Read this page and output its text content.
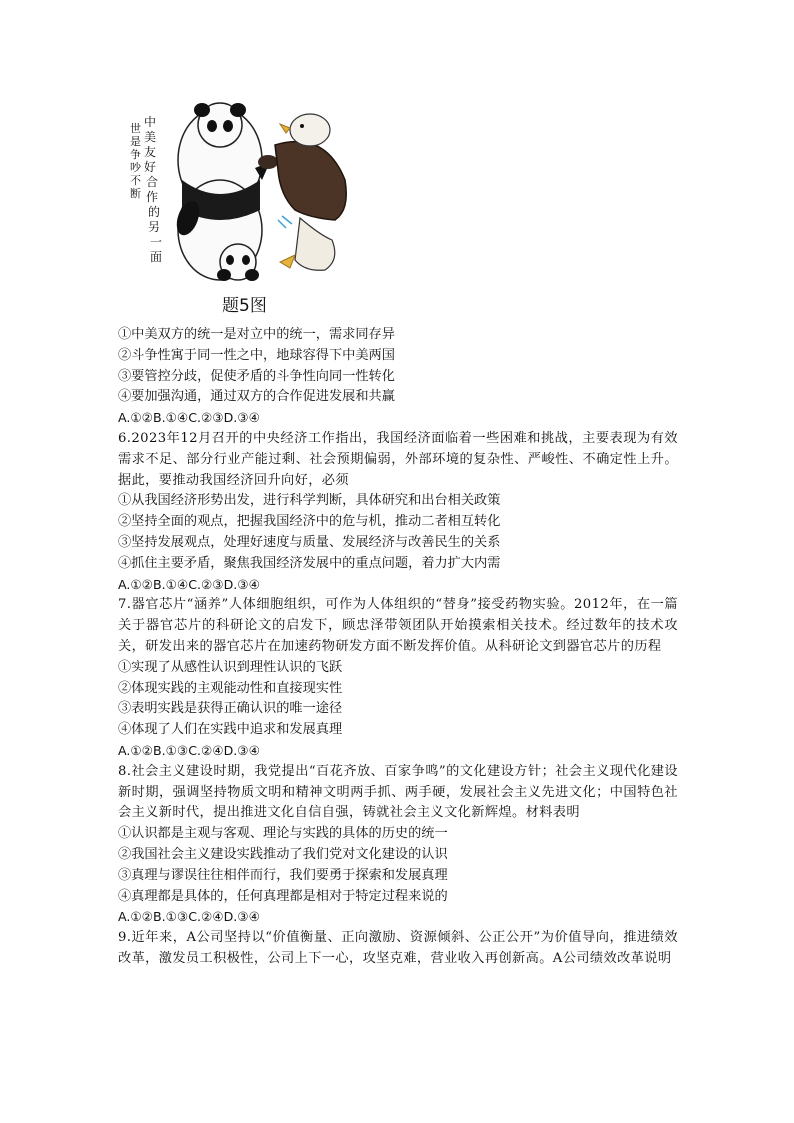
世
是
争
吵
不
断
中
美
友
好
合
作
的
另
一
面
题5图
①中美双方的统一是对立中的统一，需求同存异
②斗争性寓于同一性之中，地球容得下中美两国
③要管控分歧，促使矛盾的斗争性向同一性转化
④要加强沟通，通过双方的合作促进发展和共赢
A.①②B.①④C.②③D.③④
6.2023年12月召开的中央经济工作指出，我国经济面临着一些困难和挑战，主要表现为有效需求不足、部分行业产能过剩、社会预期偏弱，外部环境的复杂性、严峻性、不确定性上升。据此，要推动我国经济回升向好，必须
①从我国经济形势出发，进行科学判断，具体研究和出台相关政策
②坚持全面的观点，把握我国经济中的危与机，推动二者相互转化
③坚持发展观点，处理好速度与质量、发展经济与改善民生的关系
④抓住主要矛盾，聚焦我国经济发展中的重点问题，着力扩大内需
A.①②B.①④C.②③D.③④
7.器官芯片“涵养”人体细胞组织，可作为人体组织的“替身”接受药物实验。2012年，在一篇关于器官芯片的科研论文的启发下，顾忠泽带领团队开始摸索相关技术。经过数年的技术攻关，研发出来的器官芯片在加速药物研发方面不断发挥价值。从科研论文到器官芯片的历程
①实现了从感性认识到理性认识的飞跃
②体现实践的主观能动性和直接现实性
③表明实践是获得正确认识的唯一途径
④体现了人们在实践中追求和发展真理
A.①②B.①③C.②④D.③④
8.社会主义建设时期，我党提出“百花齐放、百家争鸣”的文化建设方针；社会主义现代化建设新时期，强调坚持物质文明和精神文明两手抓、两手硬，发展社会主义先进文化；中国特色社会主义新时代，提出推进文化自信自强，铸就社会主义文化新辉煌。材料表明
①认识都是主观与客观、理论与实践的具体的历史的统一
②我国社会主义建设实践推动了我们党对文化建设的认识
③真理与谬误往往相伴而行，我们要勇于探索和发展真理
④真理都是具体的，任何真理都是相对于特定过程来说的
A.①②B.①③C.②④D.③④
9.近年来，A公司坚持以“价值衡量、正向激励、资源倾斜、公正公开”为价值导向，推进绩效改革，激发员工积极性，公司上下一心，攻坚克难，营业收入再创新高。A公司绩效改革说明
